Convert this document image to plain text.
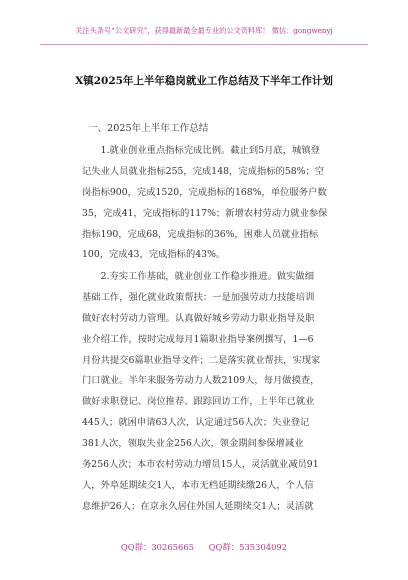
关注头条号“公文研究”，获得最新最全最专业的公文资料库！ 微信：gongwenyj
X镇2025年上半年稳岗就业工作总结及下半年工作计划
一、2025年上半年工作总结
　　1.就业创业重点指标完成比例。截止到5月底，城镇登
记失业人员就业指标255，完成148，完成指标的58%；空
岗指标900，完成1520，完成指标的168%，单位服务户数
35，完成41，完成指标的117%；新增农村劳动力就业参保
指标190，完成68，完成指标的36%，困难人员就业指标
100，完成43，完成指标的43%。
　　2.夯实工作基础，就业创业工作稳步推进。做实做细
基础工作，强化就业政策帮扶：一是加强劳动力技能培训
做好农村劳动力管理。认真做好城乡劳动力职业指导及职
业介绍工作，按时完成每月1篇职业指导案例撰写，1—6
月份共提交6篇职业指导文件；二是落实就业帮扶，实现家
门口就业。半年来服务劳动力人数2109人，每月做摸查，
做好求职登记、岗位推荐、跟踪回访工作，上半年已就业
445人；就困申请63人次，认定通过56人次；失业登记
381人次，领取失业金256人次，领金期间参保增减业
务256人次；本市农村劳动力增员15人，灵活就业减员91
人，外阜延期续交1人，本市无档延期续缴26人，个人信
息维护26人；在京永久居住外国人延期续交1人；灵活就
QQ群：30265665 QQ群：535304092
